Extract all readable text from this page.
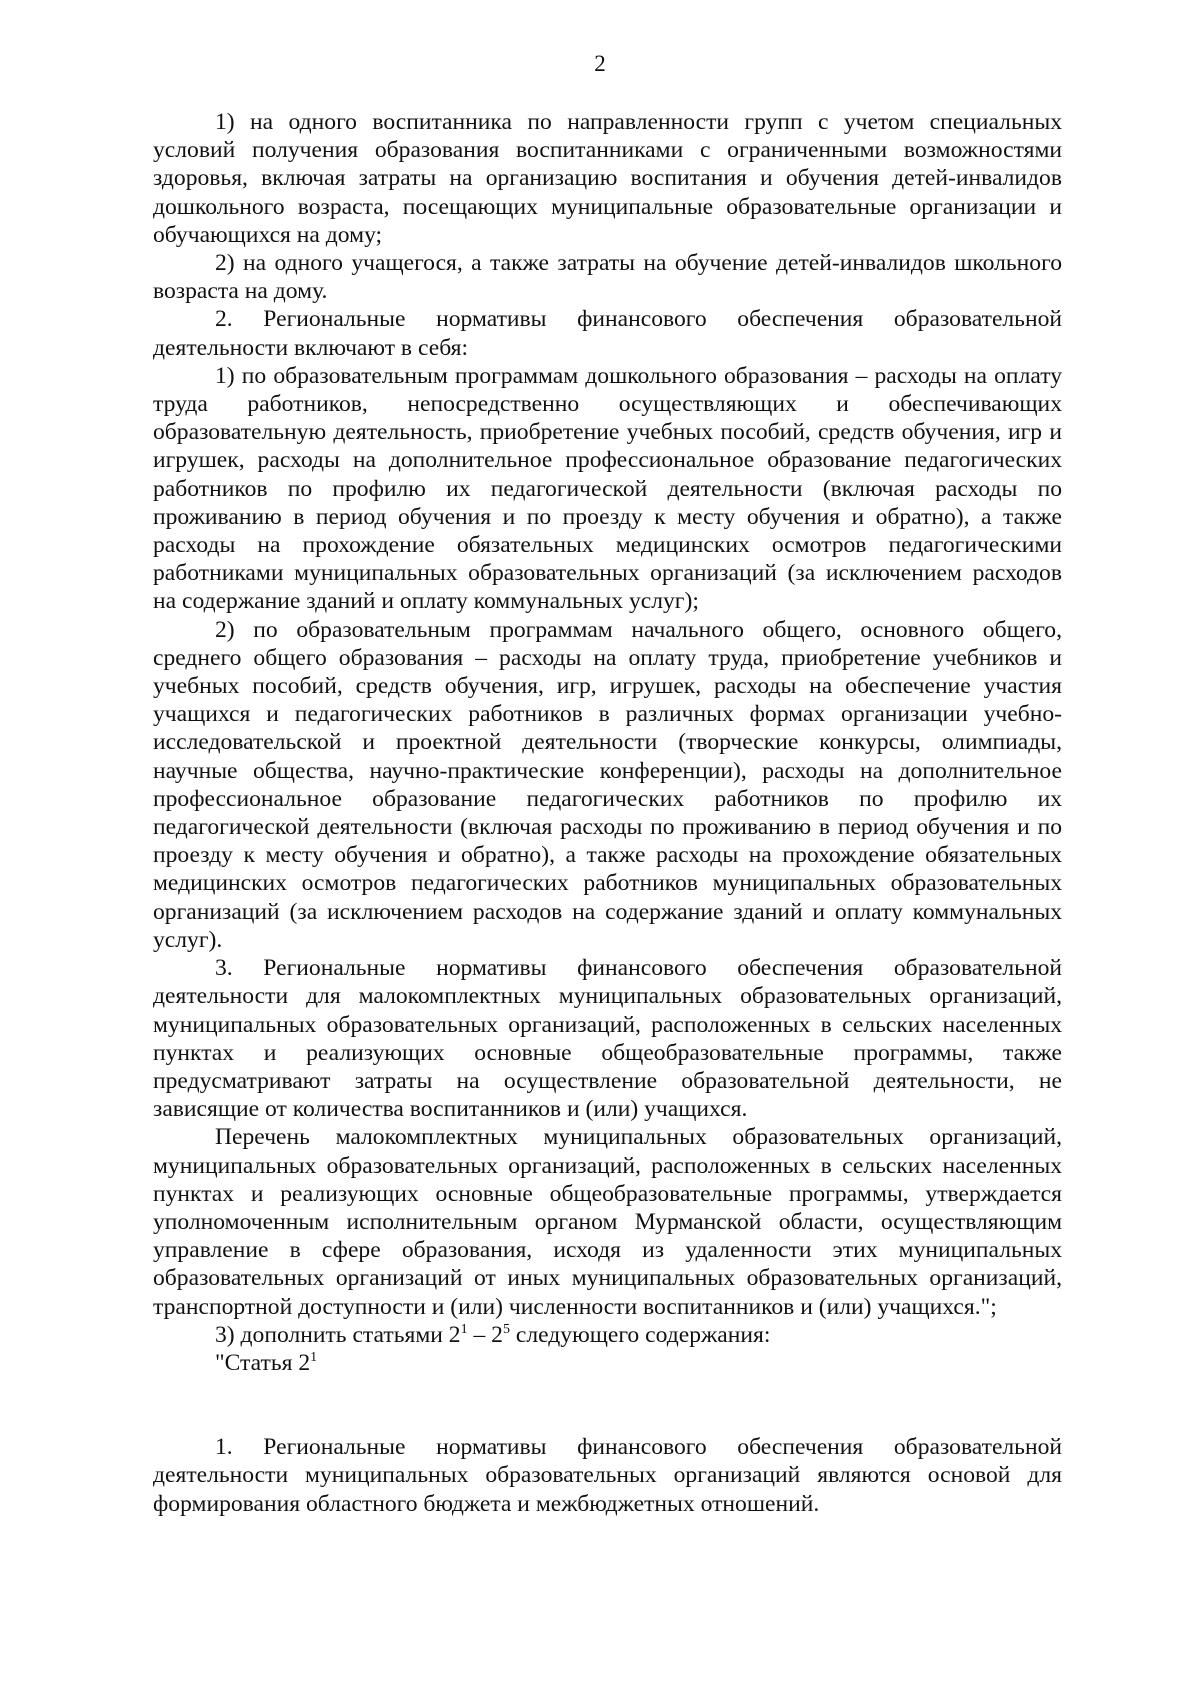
2

1) на одного воспитанника по направленности групп с учетом специальных условий получения образования воспитанниками с ограниченными возможностями здоровья, включая затраты на организацию воспитания и обучения детей-инвалидов дошкольного возраста, посещающих муниципальные образовательные организации и обучающихся на дому;

2) на одного учащегося, а также затраты на обучение детей-инвалидов школьного возраста на дому.

2. Региональные нормативы финансового обеспечения образовательной деятельности включают в себя:

1) по образовательным программам дошкольного образования – расходы на оплату труда работников, непосредственно осуществляющих и обеспечивающих образовательную деятельность, приобретение учебных пособий, средств обучения, игр и игрушек, расходы на дополнительное профессиональное образование педагогических работников по профилю их педагогической деятельности (включая расходы по проживанию в период обучения и по проезду к месту обучения и обратно), а также расходы на прохождение обязательных медицинских осмотров педагогическими работниками муниципальных образовательных организаций (за исключением расходов на содержание зданий и оплату коммунальных услуг);

2) по образовательным программам начального общего, основного общего, среднего общего образования – расходы на оплату труда, приобретение учебников и учебных пособий, средств обучения, игр, игрушек, расходы на обеспечение участия учащихся и педагогических работников в различных формах организации учебно-исследовательской и проектной деятельности (творческие конкурсы, олимпиады, научные общества, научно-практические конференции), расходы на дополнительное профессиональное образование педагогических работников по профилю их педагогической деятельности (включая расходы по проживанию в период обучения и по проезду к месту обучения и обратно), а также расходы на прохождение обязательных медицинских осмотров педагогических работников муниципальных образовательных организаций (за исключением расходов на содержание зданий и оплату коммунальных услуг).

3. Региональные нормативы финансового обеспечения образовательной деятельности для малокомплектных муниципальных образовательных организаций, муниципальных образовательных организаций, расположенных в сельских населенных пунктах и реализующих основные общеобразовательные программы, также предусматривают затраты на осуществление образовательной деятельности, не зависящие от количества воспитанников и (или) учащихся.

Перечень малокомплектных муниципальных образовательных организаций, муниципальных образовательных организаций, расположенных в сельских населенных пунктах и реализующих основные общеобразовательные программы, утверждается уполномоченным исполнительным органом Мурманской области, осуществляющим управление в сфере образования, исходя из удаленности этих муниципальных образовательных организаций от иных муниципальных образовательных организаций, транспортной доступности и (или) численности воспитанников и (или) учащихся.";

3) дополнить статьями $2^1 - 2^5$ следующего содержания:

"Статья $2^1$

1. Региональные нормативы финансового обеспечения образовательной деятельности муниципальных образовательных организаций являются основой для формирования областного бюджета и межбюджетных отношений.
